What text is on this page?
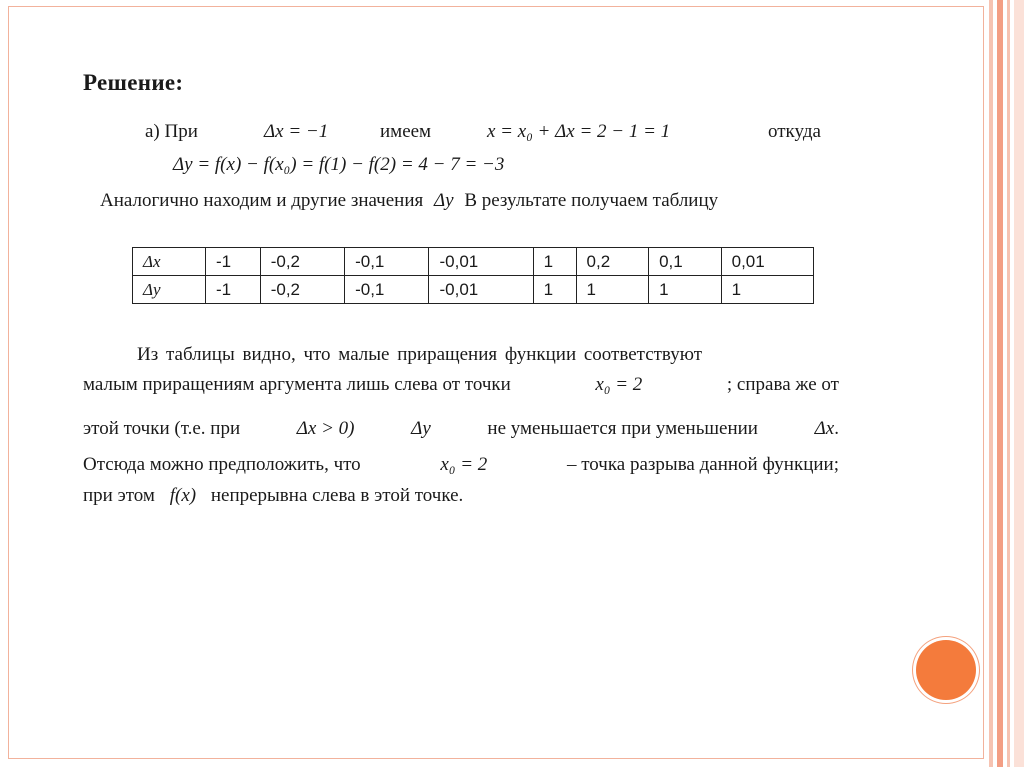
Решение:
а) При	Δx = −1	имеем	x = x₀ + Δx = 2 − 1 = 1	откуда
Δy = f(x) − f(x₀) = f(1) − f(2) = 4 − 7 = −3
Аналогично находим и другие значения Δy В результате получаем таблицу
Δx	-1	-0,2	-0,1	-0,01	1	0,2	0,1	0,01
Δy	-1	-0,2	-0,1	-0,01	1	1	1	1
Из таблицы видно, что малые приращения функции соответствуют
малым приращениям аргумента лишь слева от точки	x₀ = 2	; справа же от
этой точки (т.е. при	Δx > 0)	Δy	не уменьшается при уменьшении	Δx.
Отсюда можно предположить, что	x₀ = 2	– точка разрыва данной функции;
при этом f(x) непрерывна слева в этой точке.
